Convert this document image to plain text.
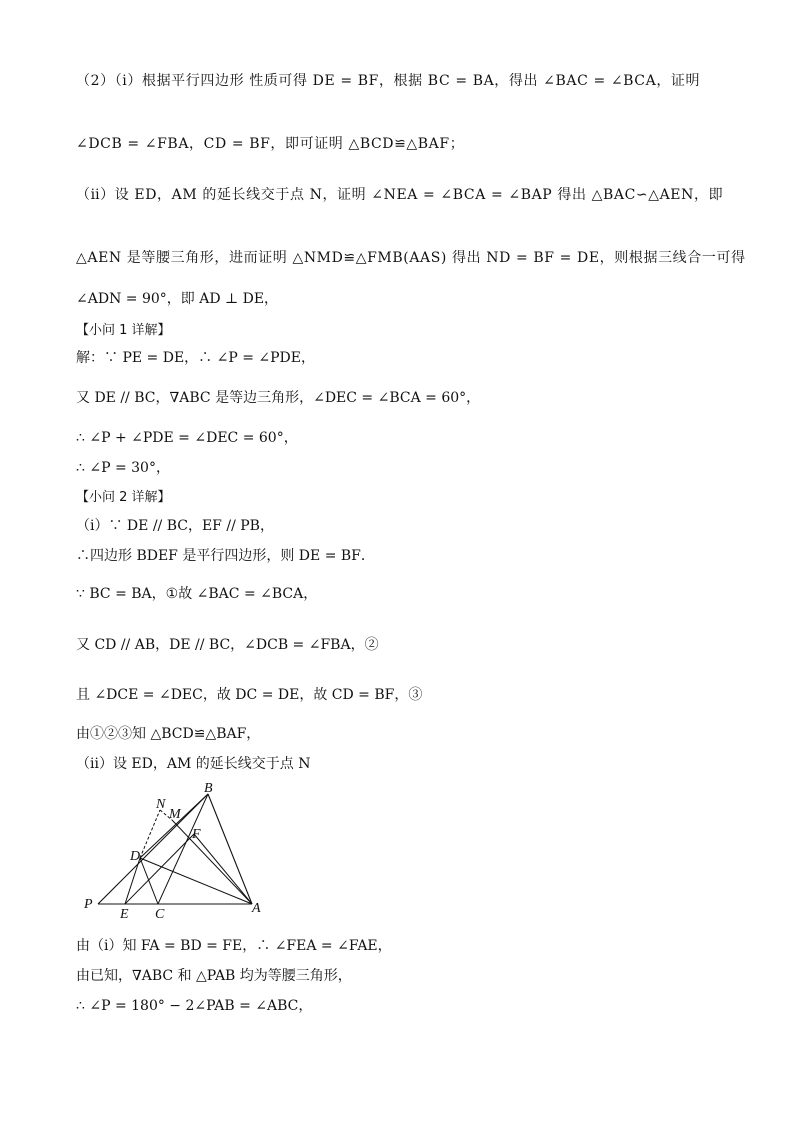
（2）（ⅰ）根据平行四边形 性质可得 DE = BF，根据 BC = BA，得出 ∠BAC = ∠BCA，证明
∠DCB = ∠FBA，CD = BF，即可证明 △BCD≌△BAF；
（ⅱ）设 ED，AM 的延长线交于点 N，证明 ∠NEA = ∠BCA = ∠BAP 得出 △BAC∽△AEN，即
△AEN 是等腰三角形，进而证明 △NMD≌△FMB(AAS) 得出 ND = BF = DE，则根据三线合一可得
∠ADN = 90°，即 AD ⊥ DE，
【小问 1 详解】
解：∵ PE = DE，∴ ∠P = ∠PDE，
又 DE // BC，∇ABC 是等边三角形，∠DEC = ∠BCA = 60°，
∴ ∠P + ∠PDE = ∠DEC = 60°，
∴ ∠P = 30°，
【小问 2 详解】
（ⅰ）∵ DE // BC，EF // PB，
∴四边形 BDEF 是平行四边形，则 DE = BF．
∵ BC = BA，①故 ∠BAC = ∠BCA，
又 CD // AB，DE // BC，∠DCB = ∠FBA，②
且 ∠DCE = ∠DEC，故 DC = DE，故 CD = BF，③
由①②③知 △BCD≌△BAF，
（ⅱ）设 ED，AM 的延长线交于点 N
B
N
M
F
D
P
E C	A
由（ⅰ）知 FA = BD = FE，∴ ∠FEA = ∠FAE，
由已知，∇ABC 和 △PAB 均为等腰三角形，
∴ ∠P = 180° − 2∠PAB = ∠ABC，
